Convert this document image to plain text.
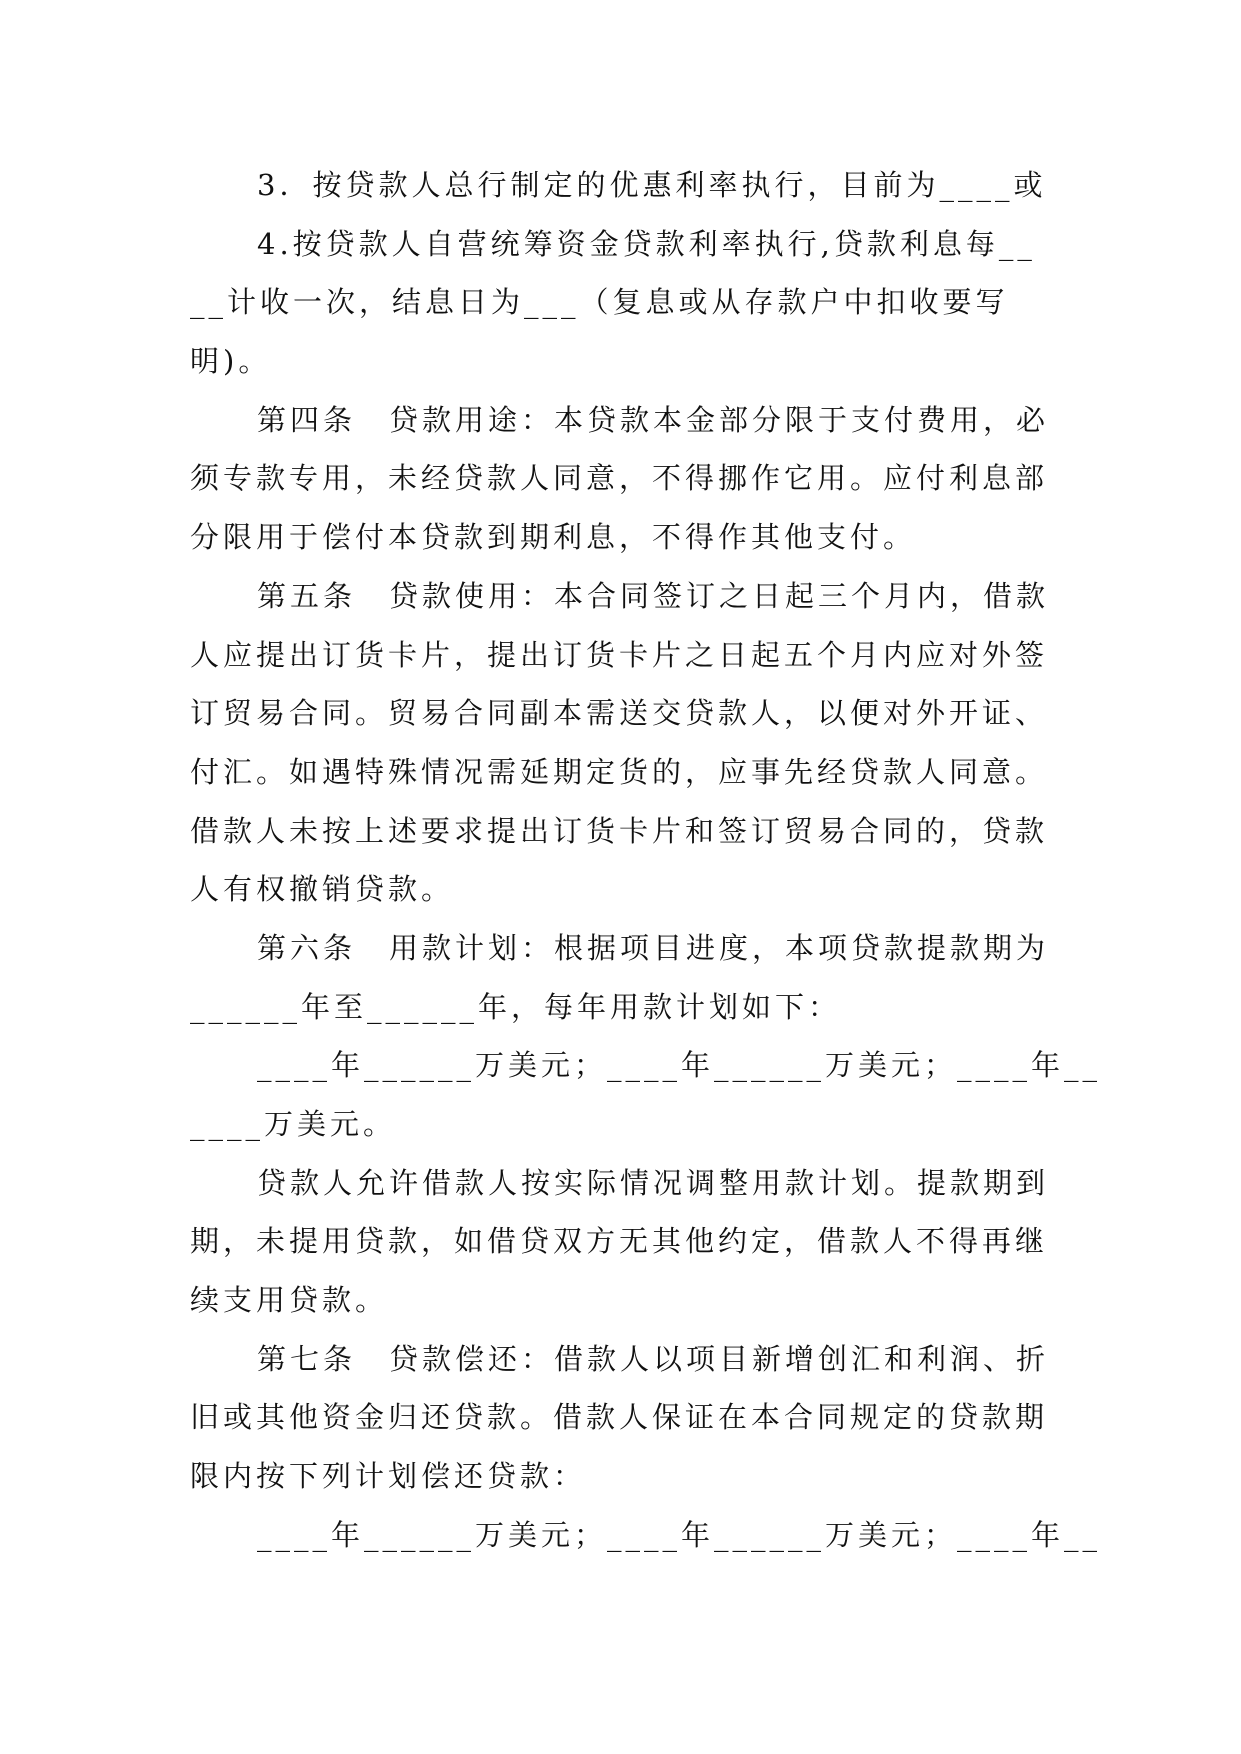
3．按贷款人总行制定的优惠利率执行，目前为____或
4.按贷款人自营统筹资金贷款利率执行,贷款利息每__
__计收一次，结息日为___（复息或从存款户中扣收要写
明)。
第四条　贷款用途：本贷款本金部分限于支付费用，必
须专款专用，未经贷款人同意，不得挪作它用。应付利息部
分限用于偿付本贷款到期利息，不得作其他支付。
第五条　贷款使用：本合同签订之日起三个月内，借款
人应提出订货卡片，提出订货卡片之日起五个月内应对外签
订贸易合同。贸易合同副本需送交贷款人，以便对外开证、
付汇。如遇特殊情况需延期定货的，应事先经贷款人同意。
借款人未按上述要求提出订货卡片和签订贸易合同的，贷款
人有权撤销贷款。
第六条　用款计划：根据项目进度，本项贷款提款期为
______年至______年，每年用款计划如下：
____年______万美元；____年______万美元；____年__
____万美元。
贷款人允许借款人按实际情况调整用款计划。提款期到
期，未提用贷款，如借贷双方无其他约定，借款人不得再继
续支用贷款。
第七条　贷款偿还：借款人以项目新增创汇和利润、折
旧或其他资金归还贷款。借款人保证在本合同规定的贷款期
限内按下列计划偿还贷款：
____年______万美元；____年______万美元；____年__
